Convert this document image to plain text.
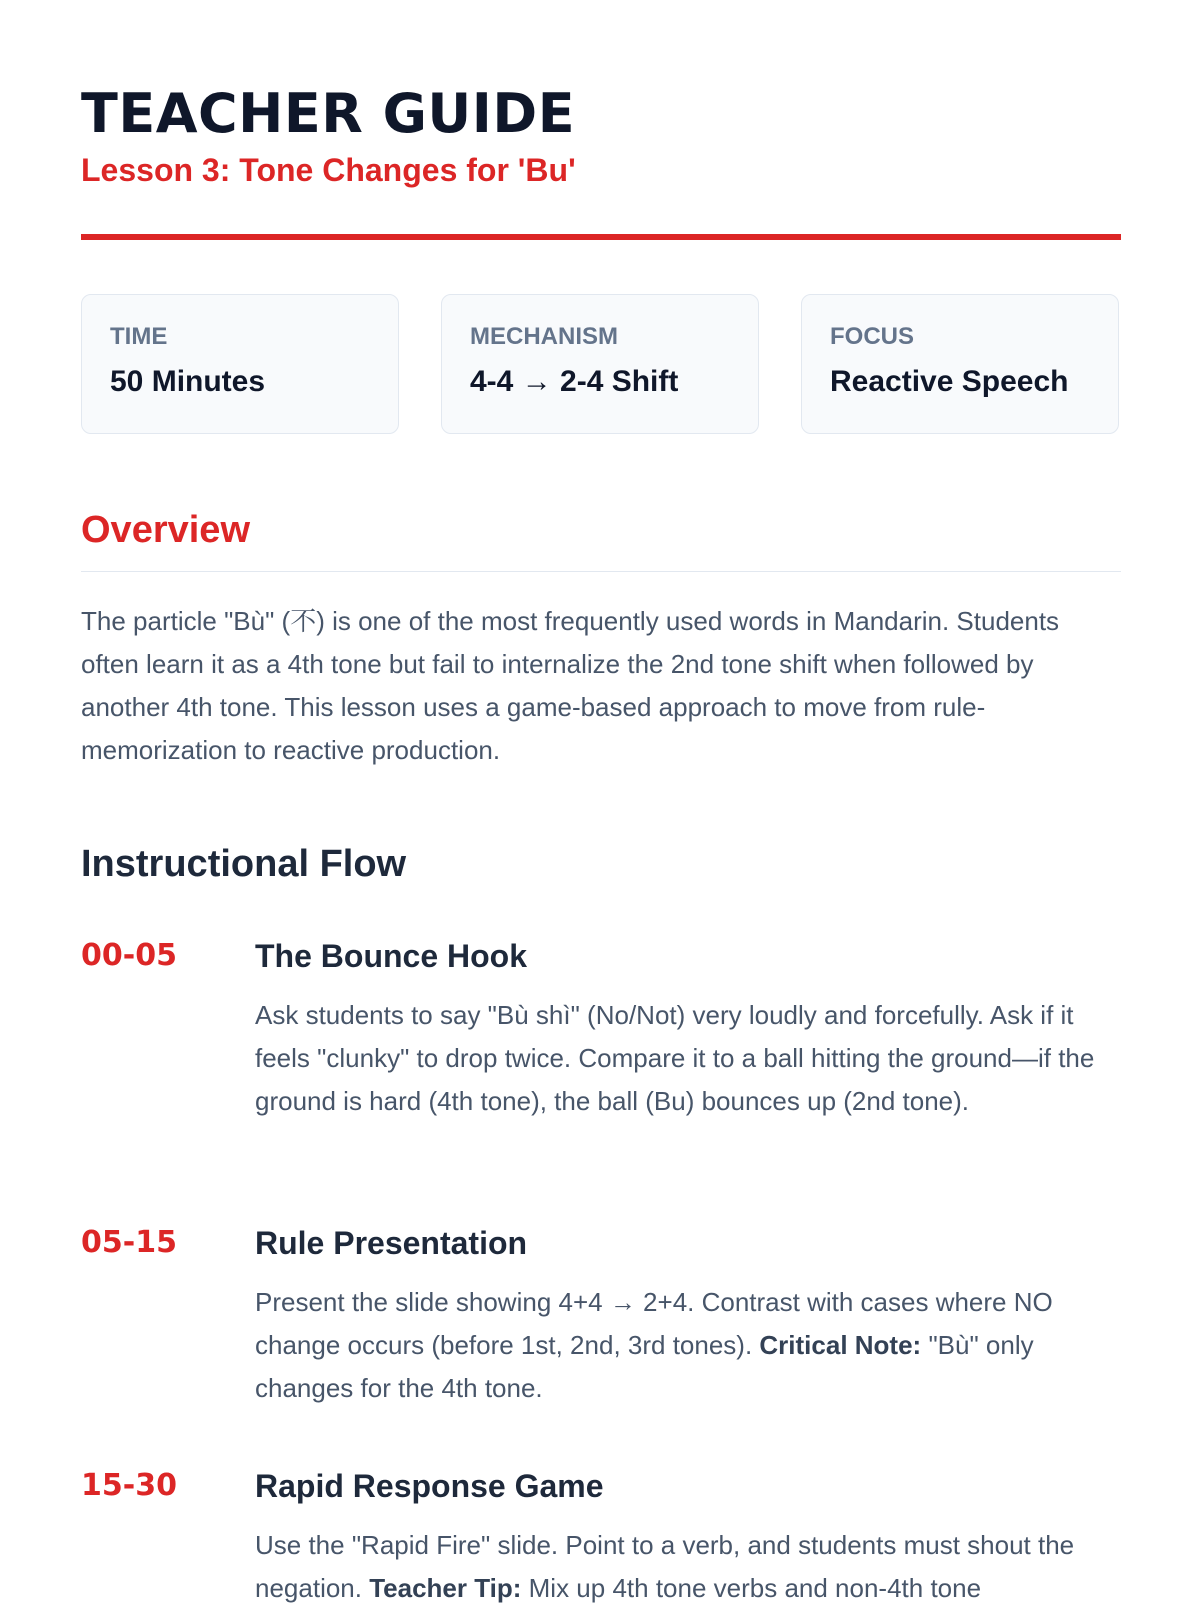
TEACHER GUIDE
Lesson 3: Tone Changes for 'Bu'
TIME
50 Minutes
MECHANISM
4-4 → 2-4 Shift
FOCUS
Reactive Speech
Overview

The particle "Bù" (不) is one of the most frequently used words in Mandarin. Students often learn it as a 4th tone but fail to internalize the 2nd tone shift when followed by another 4th tone. This lesson uses a game-based approach to move from rule-memorization to reactive production.

Instructional Flow
00-05 The Bounce Hook

Ask students to say "Bù shì" (No/Not) very loudly and forcefully. Ask if it feels "clunky" to drop twice. Compare it to a ball hitting the ground—if the ground is hard (4th tone), the ball (Bu) bounces up (2nd tone).

05-15 Rule Presentation

Present the slide showing 4+4 → 2+4. Contrast with cases where NO change occurs (before 1st, 2nd, 3rd tones). Critical Note: "Bù" only changes for the 4th tone.

15-30 Rapid Response Game

Use the "Rapid Fire" slide. Point to a verb, and students must shout the negation. Teacher Tip: Mix up 4th tone verbs and non-4th tone
